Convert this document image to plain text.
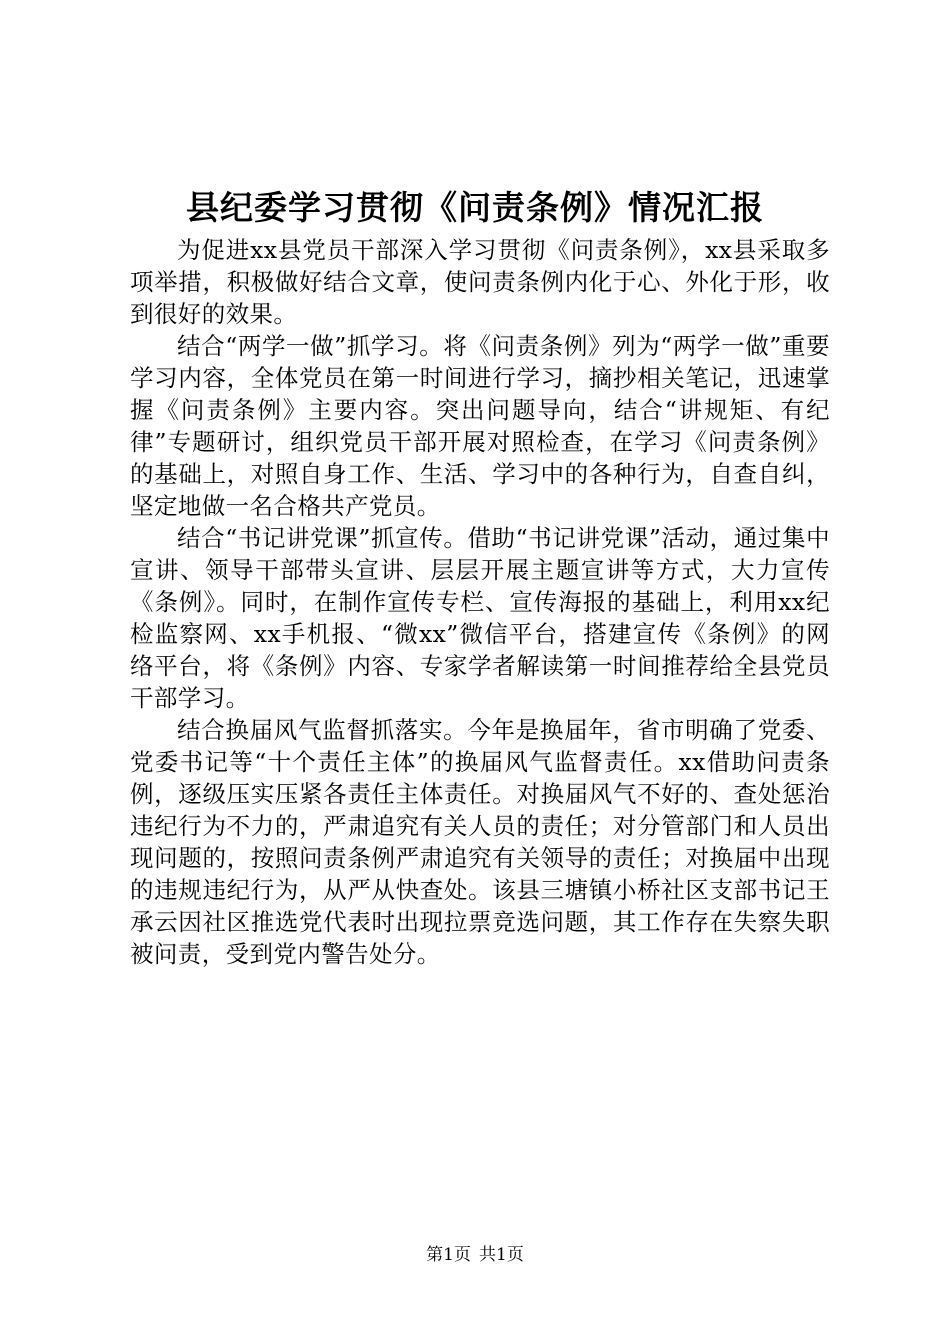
县纪委学习贯彻《问责条例》情况汇报

为促进xx县党员干部深入学习贯彻《问责条例》，xx县采取多项举措，积极做好结合文章，使问责条例内化于心、外化于形，收到很好的效果。

结合“两学一做”抓学习。将《问责条例》列为“两学一做”重要学习内容，全体党员在第一时间进行学习，摘抄相关笔记，迅速掌握《问责条例》主要内容。突出问题导向，结合“讲规矩、有纪律”专题研讨，组织党员干部开展对照检查，在学习《问责条例》的基础上，对照自身工作、生活、学习中的各种行为，自查自纠，坚定地做一名合格共产党员。

结合“书记讲党课”抓宣传。借助“书记讲党课”活动，通过集中宣讲、领导干部带头宣讲、层层开展主题宣讲等方式，大力宣传《条例》。同时，在制作宣传专栏、宣传海报的基础上，利用xx纪检监察网、xx手机报、“微xx”微信平台，搭建宣传《条例》的网络平台，将《条例》内容、专家学者解读第一时间推荐给全县党员干部学习。

结合换届风气监督抓落实。今年是换届年，省市明确了党委、党委书记等“十个责任主体”的换届风气监督责任。xx借助问责条例，逐级压实压紧各责任主体责任。对换届风气不好的、查处惩治违纪行为不力的，严肃追究有关人员的责任；对分管部门和人员出现问题的，按照问责条例严肃追究有关领导的责任；对换届中出现的违规违纪行为，从严从快查处。该县三塘镇小桥社区支部书记王承云因社区推选党代表时出现拉票竞选问题，其工作存在失察失职被问责，受到党内警告处分。

第1页 共1页
